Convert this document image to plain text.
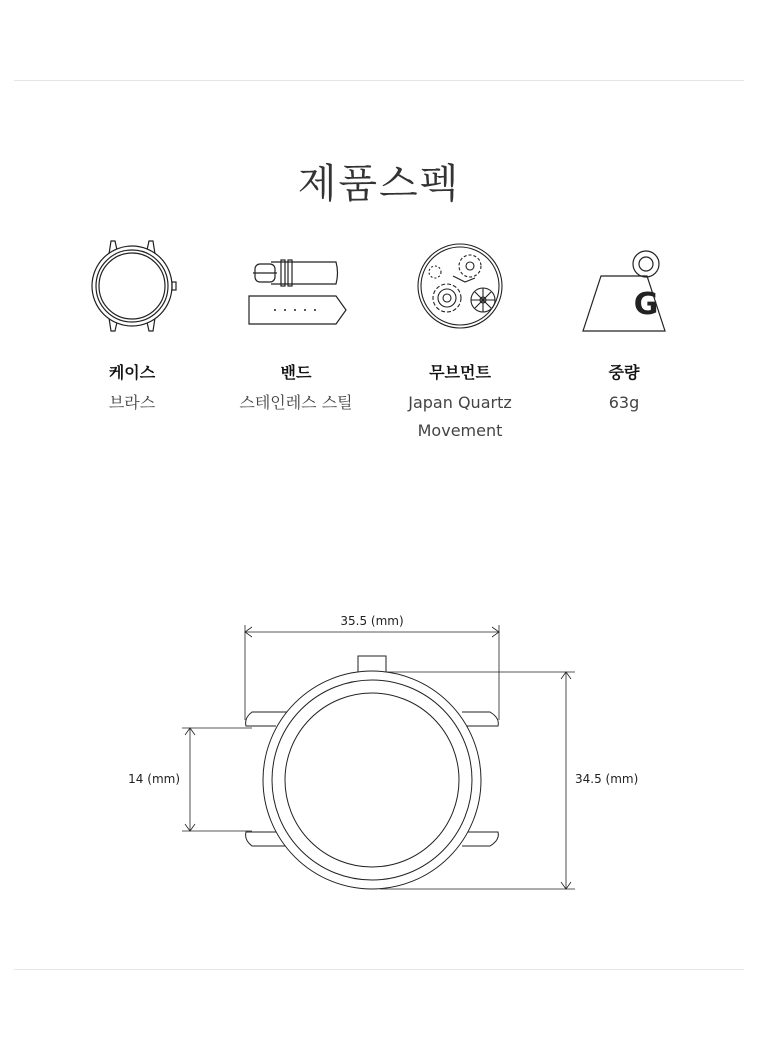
제품스펙
케이스
브라스
밴드
스테인레스 스틸
무브먼트
Japan Quartz
Movement
G
중량
63g
35.5 (mm)
34.5 (mm)
14 (mm)
